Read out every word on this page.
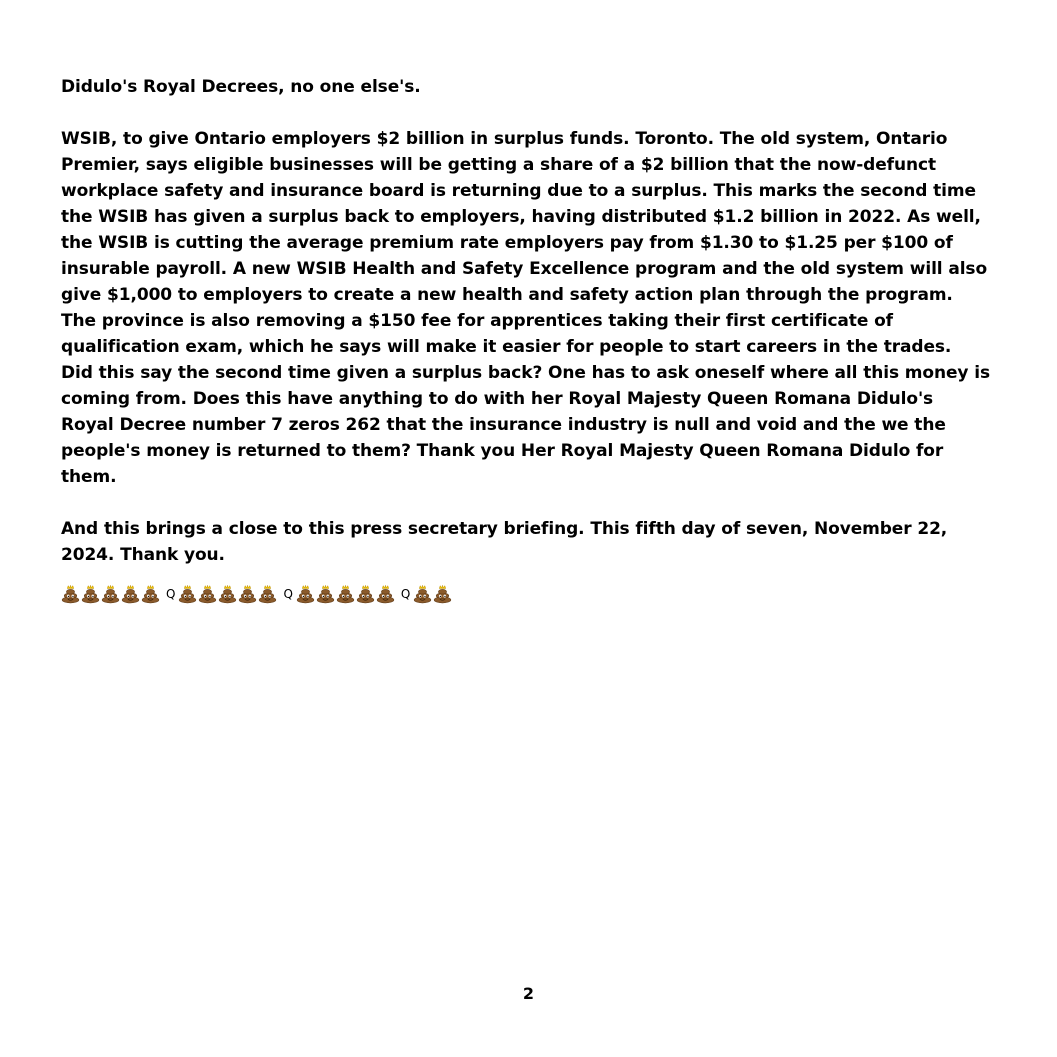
Didulo's Royal Decrees, no one else's.

WSIB, to give Ontario employers $2 billion in surplus funds. Toronto. The old system, Ontario Premier, says eligible businesses will be getting a share of a $2 billion that the now-defunct workplace safety and insurance board is returning due to a surplus. This marks the second time the WSIB has given a surplus back to employers, having distributed $1.2 billion in 2022. As well, the WSIB is cutting the average premium rate employers pay from $1.30 to $1.25 per $100 of insurable payroll. A new WSIB Health and Safety Excellence program and the old system will also give $1,000 to employers to create a new health and safety action plan through the program. The province is also removing a $150 fee for apprentices taking their first certificate of qualification exam, which he says will make it easier for people to start careers in the trades.

Did this say the second time given a surplus back? One has to ask oneself where all this money is coming from. Does this have anything to do with her Royal Majesty Queen Romana Didulo's Royal Decree number 7 zeros 262 that the insurance industry is null and void and the we the people's money is returned to them? Thank you Her Royal Majesty Queen Romana Didulo for them.

And this brings a close to this press secretary briefing. This fifth day of seven, November 22, 2024. Thank you.

Q	Q	Q
2
